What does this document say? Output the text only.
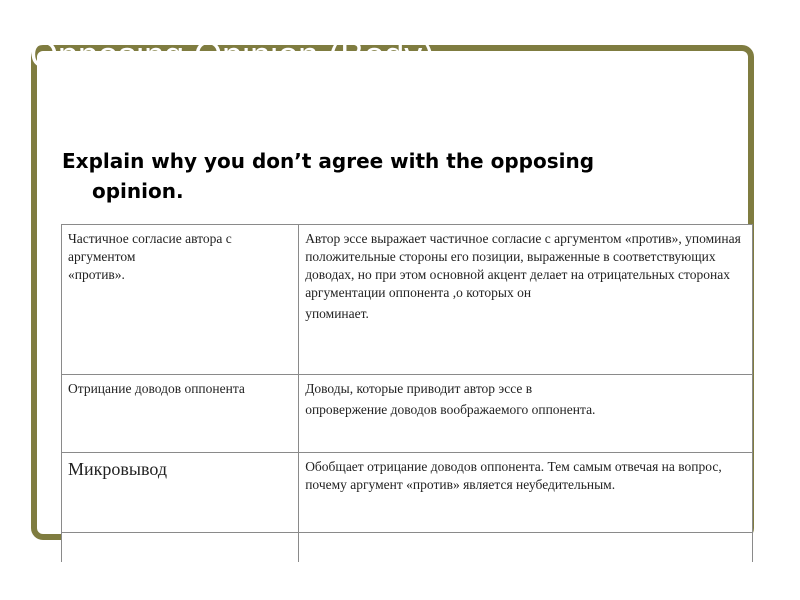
Opposing Opinion (Body)
Explain why you don’t agree with the opposing
opinion.
Частичное согласие автора с аргументом
«против».	Автор эссе выражает частичное согласие с аргументом «против», упоминая положительные стороны его позиции, выраженные в соответствующих доводах, но при этом основной акцент делает на отрицательных сторонах аргументации оппонента ,о которых он
упоминает.

Отрицание доводов оппонента	Доводы, которые приводит автор эссе в
опровержение доводов воображаемого оппонента.

Микровывод	Обобщает отрицание доводов оппонента. Тем самым отвечая на вопрос, почему аргумент «против» является неубедительным.
